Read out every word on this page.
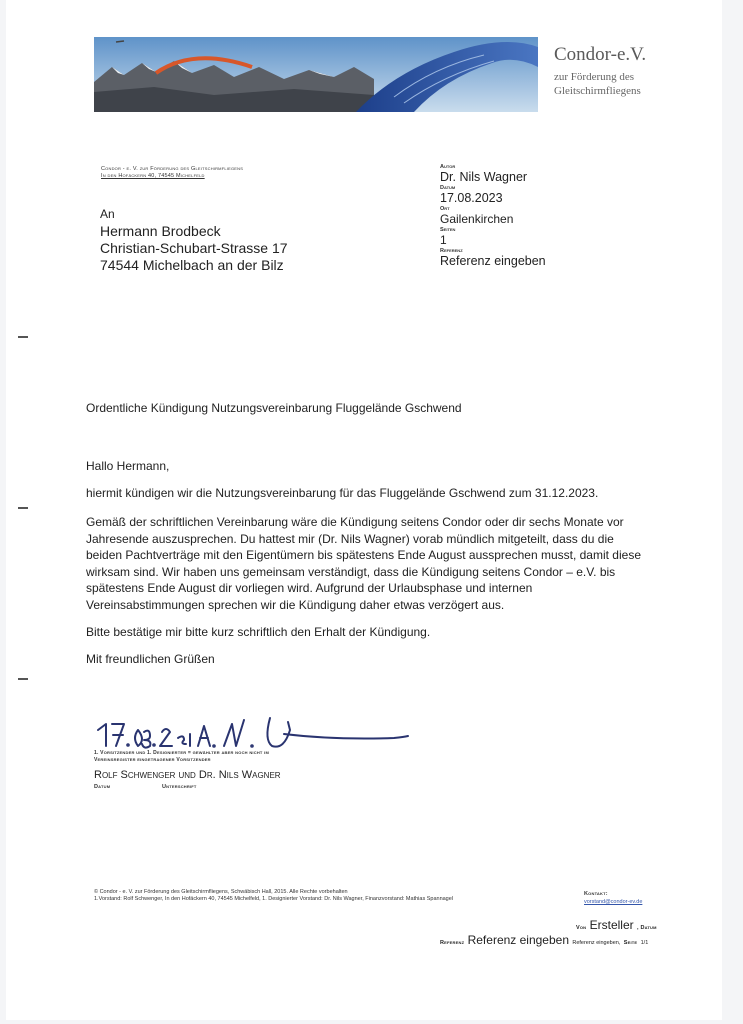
Condor-e.V.
zur Förderung des
Gleitschirmfliegens
Condor - e. V. zur Förderung des Gleitschirmfliegens
In den Hofäckern 40, 74545 Michelfeld
Autor
Dr. Nils Wagner
Datum
17.08.2023
Ort
Gailenkirchen
Seiten
1
Referenz
Referenz eingeben
An
Hermann Brodbeck
Christian-Schubart-Strasse 17
74544 Michelbach an der Bilz
Ordentliche Kündigung Nutzungsvereinbarung Fluggelände Gschwend
Hallo Hermann,
hiermit kündigen wir die Nutzungsvereinbarung für das Fluggelände Gschwend zum 31.12.2023.
Gemäß der schriftlichen Vereinbarung wäre die Kündigung seitens Condor oder dir sechs Monate vor Jahresende auszusprechen. Du hattest mir (Dr. Nils Wagner) vorab mündlich mitgeteilt, dass du die beiden Pachtverträge mit den Eigentümern bis spätestens Ende August aussprechen musst, damit diese wirksam sind. Wir haben uns gemeinsam verständigt, dass die Kündigung seitens Condor – e.V. bis spätestens Ende August dir vorliegen wird. Aufgrund der Urlaubsphase und internen Vereinsabstimmungen sprechen wir die Kündigung daher etwas verzögert aus.
Bitte bestätige mir bitte kurz schriftlich den Erhalt der Kündigung.
Mit freundlichen Grüßen
1. Vorsitzender und 1. Designierter = gewählter aber noch nicht im
Vereinsregister eingetragener Vorsitzender
Rolf Schwenger und Dr. Nils Wagner
Datum	Unterschrift
© Condor - e. V. zur Förderung des Gleitschirmfliegens, Schwäbisch Hall, 2015. Alle Rechte vorbehalten
1.Vorstand: Rolf Schwenger, In den Hofäckern 40, 74545 Michelfeld, 1. Designierter Vorstand: Dr. Nils Wagner, Finanzvorstand: Mathias Spannagel
Kontakt:
vorstand@condor-ev.de
Von Ersteller , Datum
Referenz Referenz eingeben Referenz eingeben, Seite 1/1
